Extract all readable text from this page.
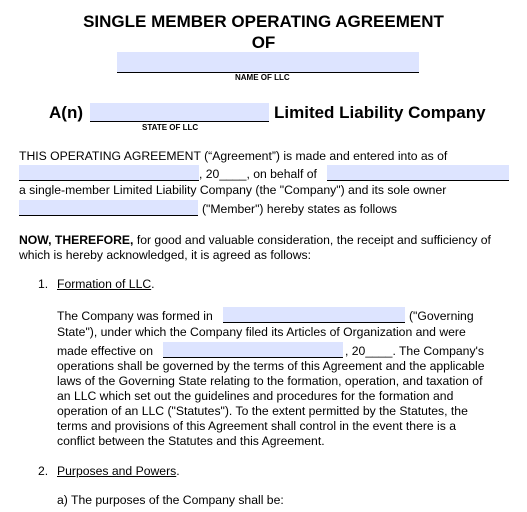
SINGLE MEMBER OPERATING AGREEMENT
OF
NAME OF LLC
A(n)	Limited Liability Company
STATE OF LLC
THIS OPERATING AGREEMENT (“Agreement”) is made and entered into as of
, 20____, on behalf of
a single-member Limited Liability Company (the "Company") and its sole owner
("Member") hereby states as follows
NOW, THEREFORE, for good and valuable consideration, the receipt and sufficiency of
which is hereby acknowledged, it is agreed as follows:
1. Formation of LLC.
The Company was formed in	("Governing
State"), under which the Company filed its Articles of Organization and were
made effective on	, 20____. The Company's
operations shall be governed by the terms of this Agreement and the applicable
laws of the Governing State relating to the formation, operation, and taxation of
an LLC which set out the guidelines and procedures for the formation and
operation of an LLC ("Statutes"). To the extent permitted by the Statutes, the
terms and provisions of this Agreement shall control in the event there is a
conflict between the Statutes and this Agreement.
2. Purposes and Powers.
a) The purposes of the Company shall be:
